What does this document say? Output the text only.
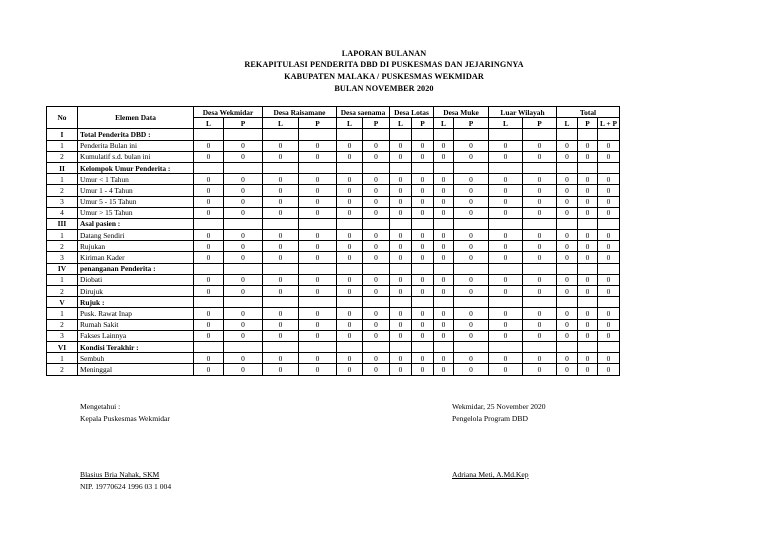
LAPORAN BULANAN
REKAPITULASI PENDERITA DBD DI PUSKESMAS DAN JEJARINGNYA
KABUPATEN MALAKA / PUSKESMAS WEKMIDAR
BULAN NOVEMBER 2020
No	Elemen Data	Desa Wekmidar		Desa Raisamane		Desa saenama		Desa Lotas		Desa Muke		Luar Wilayah		Total		
		L	P	L	P	L	P	L	P	L	P	L	P	L	P	L + P
I	Total Penderita DBD :															
1	Penderita Bulan ini	0	0	0	0	0	0	0	0	0	0	0	0	0	0	0
2	Kumulatif s.d. bulan ini	0	0	0	0	0	0	0	0	0	0	0	0	0	0	0
II	Kelompok Umur Penderita :															
1	Umur < 1 Tahun	0	0	0	0	0	0	0	0	0	0	0	0	0	0	0
2	Umur 1 - 4 Tahun	0	0	0	0	0	0	0	0	0	0	0	0	0	0	0
3	Umur 5 - 15 Tahun	0	0	0	0	0	0	0	0	0	0	0	0	0	0	0
4	Umur > 15 Tahun	0	0	0	0	0	0	0	0	0	0	0	0	0	0	0
III	Asal pasien :															
1	Datang Sendiri	0	0	0	0	0	0	0	0	0	0	0	0	0	0	0
2	Rujukan	0	0	0	0	0	0	0	0	0	0	0	0	0	0	0
3	Kiriman Kader	0	0	0	0	0	0	0	0	0	0	0	0	0	0	0
IV	penanganan Penderita :															
1	Diobati	0	0	0	0	0	0	0	0	0	0	0	0	0	0	0
2	Dirujuk	0	0	0	0	0	0	0	0	0	0	0	0	0	0	0
V	Rujuk :															
1	Pusk. Rawat Inap	0	0	0	0	0	0	0	0	0	0	0	0	0	0	0
2	Rumah Sakit	0	0	0	0	0	0	0	0	0	0	0	0	0	0	0
3	Fakses Lainnya	0	0	0	0	0	0	0	0	0	0	0	0	0	0	0
VI	Kondisi Terakhir :															
1	Sembuh	0	0	0	0	0	0	0	0	0	0	0	0	0	0	0
2	Meninggal	0	0	0	0	0	0	0	0	0	0	0	0	0	0	0
Mengetahui :
Kepala Puskesmas Wekmidar
Blasius Bria Nahak, SKM
NIP. 19770624 1996 03 1 004
Wekmidar, 25 November 2020
Pengelola Program DBD
Adriana Meti, A.Md.Kep
